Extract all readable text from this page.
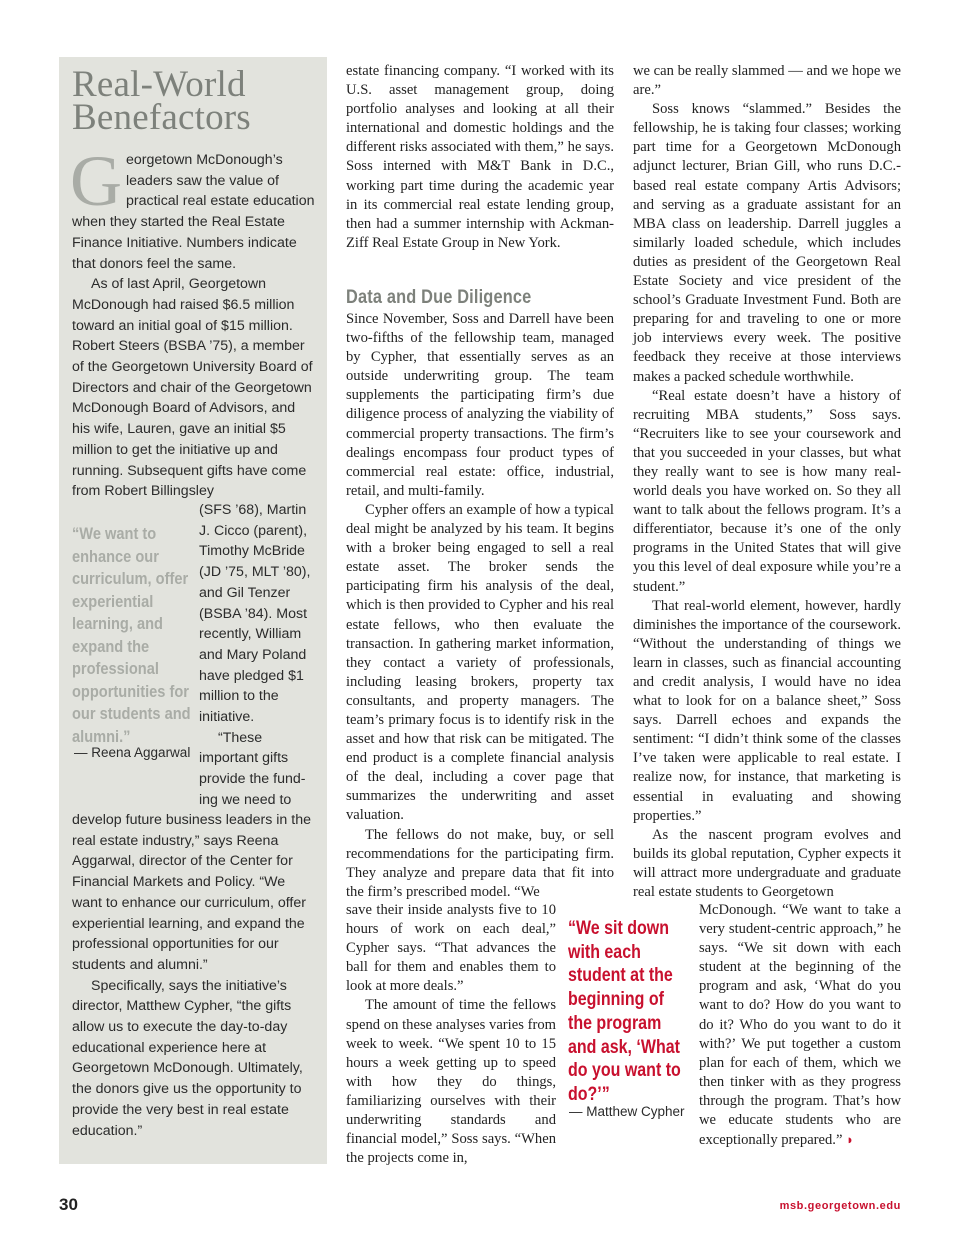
Real-World
Benefactors

Georgetown McDonough’s leaders saw the value of practical real estate education when they started the Real Estate Finance Initiative. Numbers indicate that donors feel the same.

As of last April, Georgetown McDonough had raised $6.5 million toward an initial goal of $15 million. Robert Steers (BSBA ’75), a member of the Georgetown University Board of Directors and chair of the Georgetown McDonough Board of Advisors, and his wife, Lauren, gave an initial $5 million to get the initiative up and running. Subsequent gifts have come from Robert Billingsley

(SFS ’68), Martin J. Cicco (parent), Timothy McBride (JD ’75, MLT ’80), and Gil Tenzer (BSBA ’84). Most recently, William and Mary Poland have pledged $1 million to the initiative.

“These important gifts provide the fund-ing we need to

“We want to enhance our curriculum, offer experiential learning, and expand the professional opportunities for our students and alumni.”
— Reena Aggarwal

develop future business leaders in the real estate industry,” says Reena Aggarwal, director of the Center for Financial Markets and Policy. “We want to enhance our curriculum, offer experiential learning, and expand the professional opportunities for our students and alumni.”

Specifically, says the initiative’s director, Matthew Cypher, “the gifts allow us to execute the day-to-day educational experience here at Georgetown McDonough. Ultimately, the donors give us the opportunity to provide the very best in real estate education.”

estate financing company. “I worked with its U.S. asset management group, doing portfolio analyses and looking at all their international and domestic holdings and the different risks associated with them,” he says. Soss interned with M&T Bank in D.C., working part time during the academic year in its commercial real estate lending group, then had a summer internship with Ackman-Ziff Real Estate Group in New York.

Data and Due Diligence

Since November, Soss and Darrell have been two-fifths of the fellowship team, managed by Cypher, that essentially serves as an outside underwriting group. The team supplements the participating firm’s due diligence process of analyzing the viability of commercial property transactions. The firm’s dealings encompass four product types of commercial real estate: office, industrial, retail, and multi-family.

Cypher offers an example of how a typical deal might be analyzed by his team. It begins with a broker being engaged to sell a real estate asset. The broker sends the participating firm his analysis of the deal, which is then provided to Cypher and his real estate fellows, who then evaluate the transaction. In gathering market information, they contact a variety of professionals, including leasing brokers, property tax consultants, and property managers. The team’s primary focus is to identify risk in the asset and how that risk can be mitigated. The end product is a complete financial analysis of the deal, including a cover page that summarizes the underwriting and asset valuation.

The fellows do not make, buy, or sell recommendations for the participating firm. They analyze and prepare data that fit into the firm’s prescribed model. “We

save their inside analysts five to 10 hours of work on each deal,” Cypher says. “That advances the ball for them and enables them to look at more deals.”

The amount of time the fellows spend on these analyses varies from week to week. “We spent 10 to 15 hours a week getting up to speed with how they do things, familiarizing ourselves with their underwriting standards and financial model,” Soss says. “When the projects come in,

“We sit down with each student at the beginning of the program and ask, ‘What do you want to do?’”
— Matthew Cypher

we can be really slammed — and we hope we are.”

Soss knows “slammed.” Besides the fellowship, he is taking four classes; working part time for a Georgetown McDonough adjunct lecturer, Brian Gill, who runs D.C.-based real estate company Artis Advisors; and serving as a graduate assistant for an MBA class on leadership. Darrell juggles a similarly loaded schedule, which includes duties as president of the Georgetown Real Estate Society and vice president of the school’s Graduate Investment Fund. Both are preparing for and traveling to one or more job interviews every week. The positive feedback they receive at those interviews makes a packed schedule worthwhile.

“Real estate doesn’t have a history of recruiting MBA students,” Soss says. “Recruiters like to see your coursework and that you succeeded in your classes, but what they really want to see is how many real-world deals you have worked on. So they all want to talk about the fellows program. It’s a differentiator, because it’s one of the only programs in the United States that will give you this level of deal exposure while you’re a student.”

That real-world element, however, hardly diminishes the importance of the coursework. “Without the understanding of things we learn in classes, such as financial accounting and credit analysis, I would have no idea what to look for on a balance sheet,” Soss says. Darrell echoes and expands the sentiment: “I didn’t think some of the classes I’ve taken were applicable to real estate. I realize now, for instance, that marketing is essential in evaluating and showing properties.”

As the nascent program evolves and builds its global reputation, Cypher expects it will attract more undergraduate and graduate real estate students to Georgetown

McDonough. “We want to take a very student-centric approach,” he says. “We sit down with each student at the beginning of the program and ask, ‘What do you want to do? How do you want to do it? Who do you want to do it with?’ We put together a custom plan for each of them, which we then tinker with as they progress through the program. That’s how we educate students who are exceptionally prepared.” ◗

30	msb.georgetown.edu
